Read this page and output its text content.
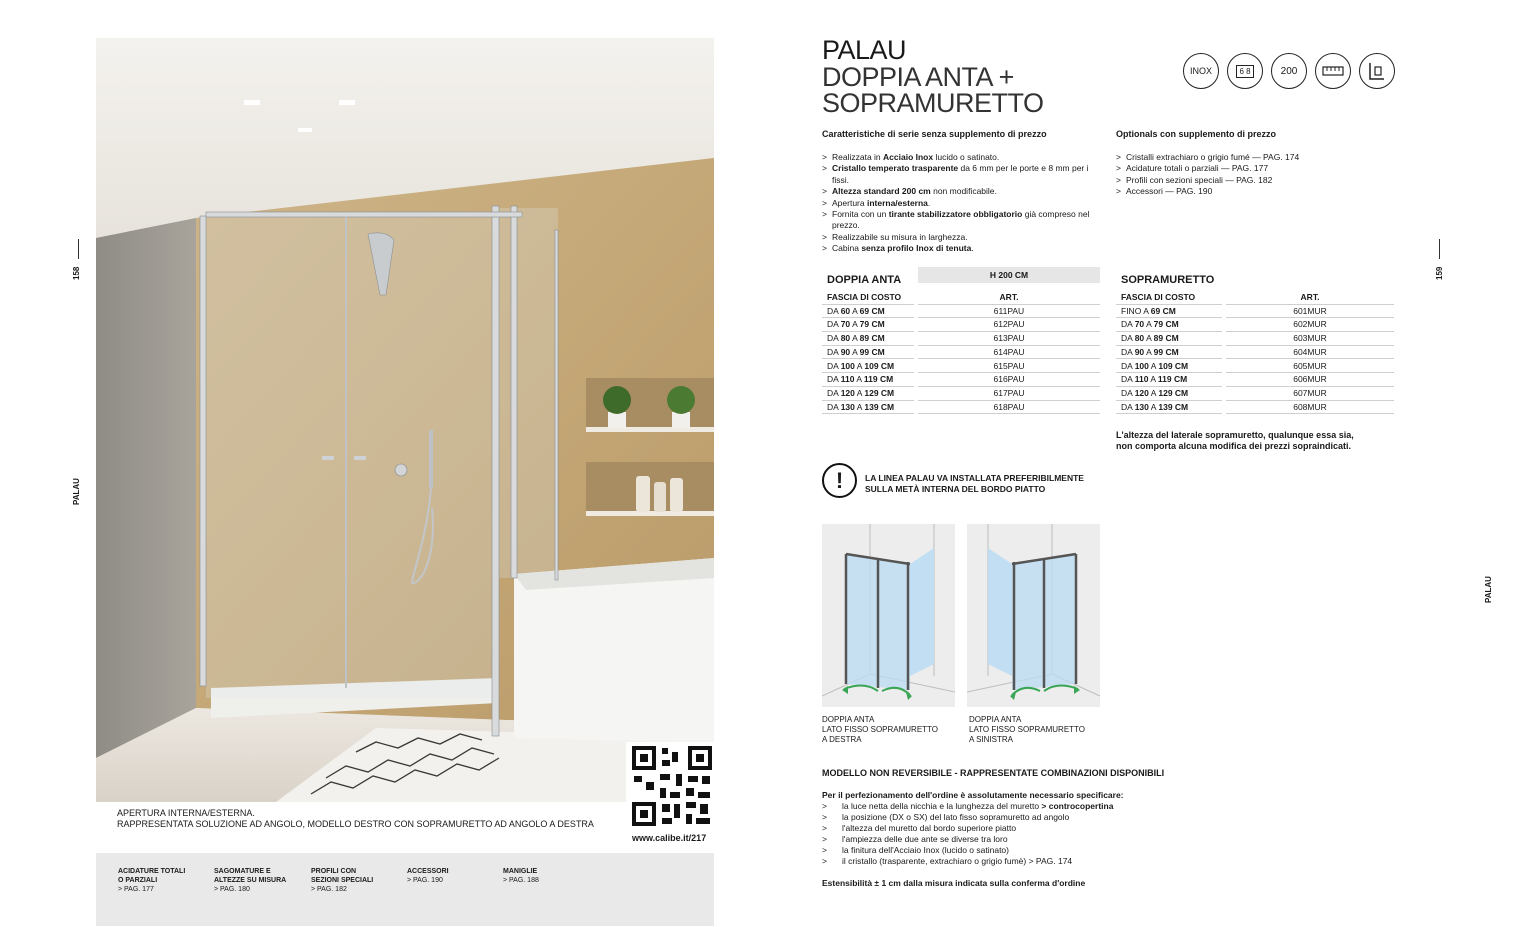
158
PALAU
www.calibe.it/217
APERTURA INTERNA/ESTERNA.
RAPPRESENTATA SOLUZIONE AD ANGOLO, MODELLO DESTRO CON SOPRAMURETTO AD ANGOLO A DESTRA
ACIDATURE TOTALI
O PARZIALI
> PAG. 177
SAGOMATURE E
ALTEZZE SU MISURA
> PAG. 180
PROFILI CON
SEZIONI SPECIALI
> PAG. 182
ACCESSORI
> PAG. 190
MANIGLIE
> PAG. 188
159
PALAU
PALAU
DOPPIA ANTA +
SOPRAMURETTO
INOX	6 8	200
Caratteristiche di serie senza supplemento di prezzo
> Realizzata in Acciaio Inox lucido o satinato.
> Cristallo temperato trasparente da 6 mm per le porte e 8 mm per i fissi.
> Altezza standard 200 cm non modificabile.
> Apertura interna/esterna.
> Fornita con un tirante stabilizzatore obbligatorio già compreso nel prezzo.
> Realizzabile su misura in larghezza.
> Cabina senza profilo Inox di tenuta.
Optionals con supplemento di prezzo
> Cristalli extrachiaro o grigio fumé — PAG. 174
> Acidature totali o parziali — PAG. 177
> Profili con sezioni speciali — PAG. 182
> Accessori — PAG. 190
DOPPIA ANTA	H 200 CM
FASCIA DI COSTO	ART.
DA 60 A 69 CM	611PAU
DA 70 A 79 CM	612PAU
DA 80 A 89 CM	613PAU
DA 90 A 99 CM	614PAU
DA 100 A 109 CM	615PAU
DA 110 A 119 CM	616PAU
DA 120 A 129 CM	617PAU
DA 130 A 139 CM	618PAU
SOPRAMURETTO
FASCIA DI COSTO	ART.
FINO A 69 CM	601MUR
DA 70 A 79 CM	602MUR
DA 80 A 89 CM	603MUR
DA 90 A 99 CM	604MUR
DA 100 A 109 CM	605MUR
DA 110 A 119 CM	606MUR
DA 120 A 129 CM	607MUR
DA 130 A 139 CM	608MUR
L'altezza del laterale sopramuretto, qualunque essa sia,
non comporta alcuna modifica dei prezzi sopraindicati.
!	LA LINEA PALAU VA INSTALLATA PREFERIBILMENTE
SULLA METÀ INTERNA DEL BORDO PIATTO
DOPPIA ANTA
LATO FISSO SOPRAMURETTO
A DESTRA
DOPPIA ANTA
LATO FISSO SOPRAMURETTO
A SINISTRA
MODELLO NON REVERSIBILE - RAPPRESENTATE COMBINAZIONI DISPONIBILI
Per il perfezionamento dell'ordine è assolutamente necessario specificare:
> la luce netta della nicchia e la lunghezza del muretto > controcopertina
> la posizione (DX o SX) del lato fisso sopramuretto ad angolo
> l'altezza del muretto dal bordo superiore piatto
> l'ampiezza delle due ante se diverse tra loro
> la finitura dell'Acciaio Inox (lucido o satinato)
> il cristallo (trasparente, extrachiaro o grigio fumè) > PAG. 174
Estensibilità ± 1 cm dalla misura indicata sulla conferma d'ordine
